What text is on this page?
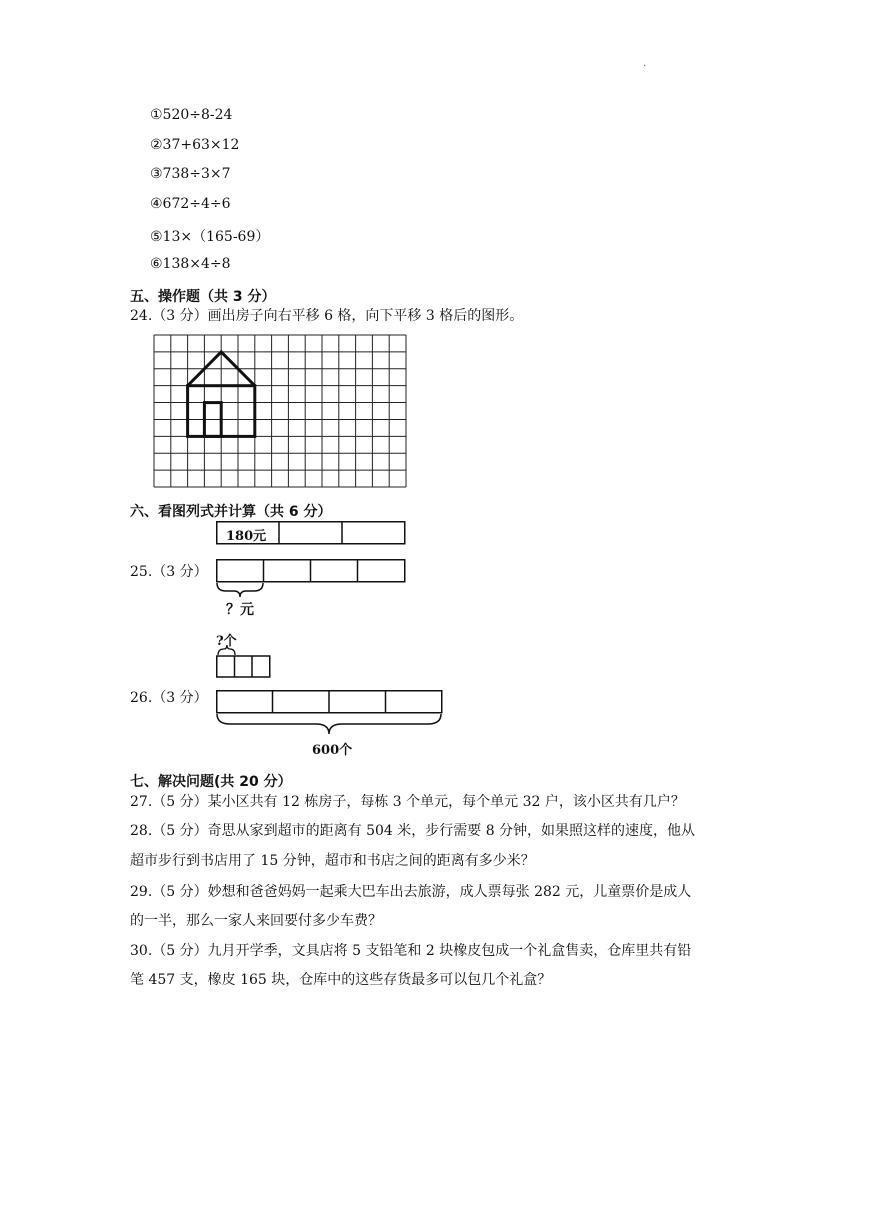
.
①520÷8-24
②37+63×12
③738÷3×7
④672÷4÷6
⑤13×（165-69）
⑥138×4÷8
五、操作题（共 3 分）
24.（3 分）画出房子向右平移 6 格，向下平移 3 格后的图形。
六、看图列式并计算（共 6 分）
180元
25.（3 分）
？元
?个
26.（3 分）
600个
七、解决问题(共 20 分）
27.（5 分）某小区共有 12 栋房子，每栋 3 个单元，每个单元 32 户，该小区共有几户？
28.（5 分）奇思从家到超市的距离有 504 米，步行需要 8 分钟，如果照这样的速度，他从
超市步行到书店用了 15 分钟，超市和书店之间的距离有多少米？
29.（5 分）妙想和爸爸妈妈一起乘大巴车出去旅游，成人票每张 282 元，儿童票价是成人
的一半，那么一家人来回要付多少车费？
30.（5 分）九月开学季，文具店将 5 支铅笔和 2 块橡皮包成一个礼盒售卖，仓库里共有铅
笔 457 支，橡皮 165 块，仓库中的这些存货最多可以包几个礼盒？
